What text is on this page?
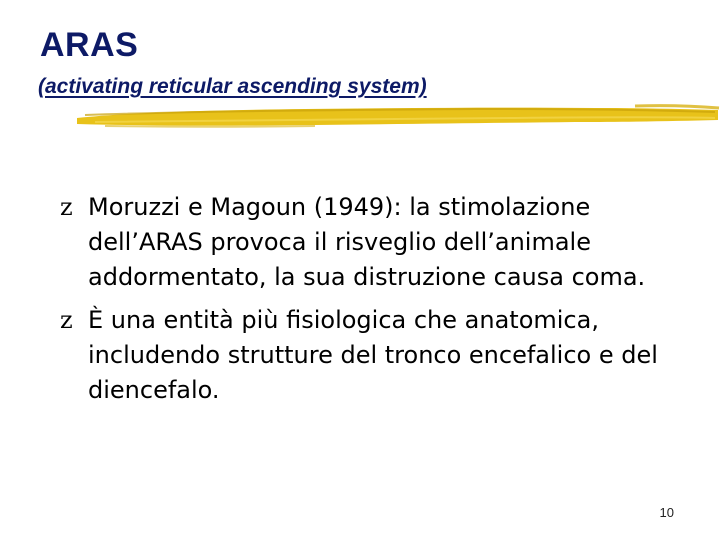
ARAS

(activating reticular ascending system)

z Moruzzi e Magoun (1949): la stimolazione dell’ARAS provoca il risveglio dell’animale addormentato, la sua distruzione causa coma.
z È una entità più fisiologica che anatomica, includendo strutture del tronco encefalico e del diencefalo.
10
